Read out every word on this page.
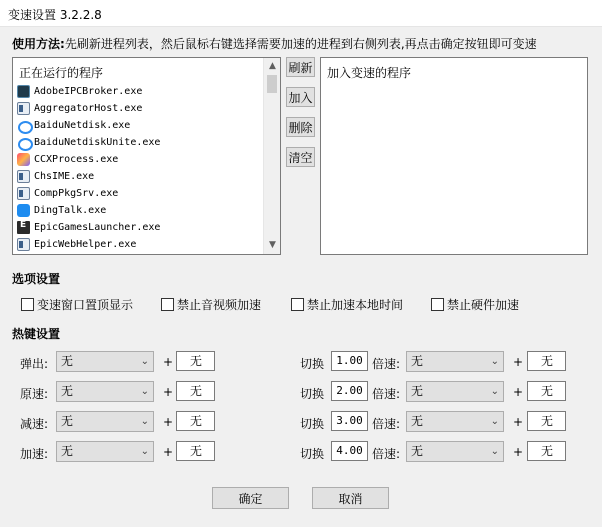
变速设置 3.2.2.8
使用方法:先刷新进程列表，然后鼠标右键选择需要加速的进程到右侧列表,再点击确定按钮即可变速
正在运行的程序
AdobeIPCBroker.exe
AggregatorHost.exe
BaiduNetdisk.exe
BaiduNetdiskUnite.exe
CCXProcess.exe
ChsIME.exe
CompPkgSrv.exe
DingTalk.exe
E
EpicGamesLauncher.exe
EpicWebHelper.exe
▲
▼
刷新
加入
删除
清空
加入变速的程序
选项设置
变速窗口置顶显示	禁止音视频加速	禁止加速本地时间	禁止硬件加速
热键设置
弹出:	无	⌄ +	无
原速:	无	⌄ +	无
减速:	无	⌄ +	无
加速:	无	⌄ +	无
切换	1.00 倍速: 无	⌄ +	无
切换	2.00 倍速: 无	⌄ +	无
切换	3.00 倍速: 无	⌄ +	无
切换	4.00 倍速: 无	⌄ +	无
确定	取消
